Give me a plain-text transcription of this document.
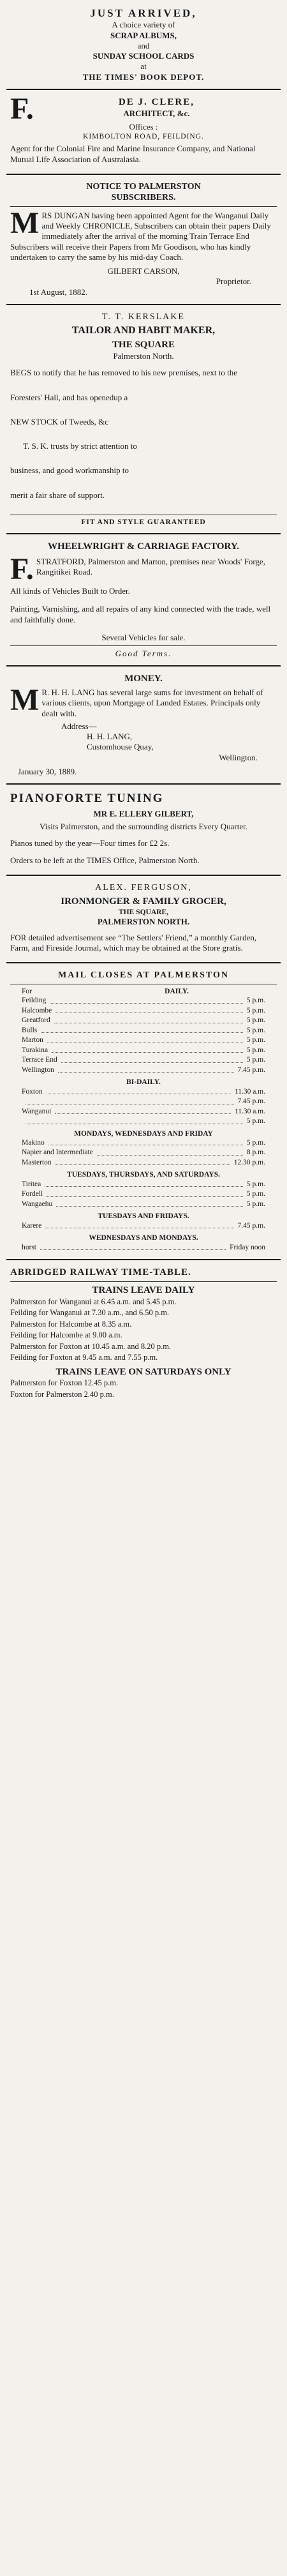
JUST ARRIVED,
A choice variety of
SCRAP ALBUMS,
and
SUNDAY SCHOOL CARDS
at
THE TIMES' BOOK DEPOT.
F.	DE J. CLERE,
ARCHITECT, &c.
Offices :
KIMBOLTON ROAD, FEILDING.

Agent for the Colonial Fire and Marine Insurance Company, and National Mutual Life Association of Australasia.

NOTICE TO PALMERSTON
SUBSCRIBERS.

M RS DUNGAN having been appointed Agent for the Wanganui Daily and Weekly CHRONICLE, Subscribers can obtain their papers Daily immediately after the arrival of the morning Train Terrace End Subscribers will receive their Papers from Mr Goodison, who has kindly undertaken to carry the same by his mid-day Coach.

GILBERT CARSON,
Proprietor.
1st August, 1882.
T. T. KERSLAKE
TAILOR AND HABIT MAKER,
THE SQUARE
Palmerston North.

BEGS to notify that he has removed to his new premises, next to the

Foresters' Hall, and has openedup a

NEW STOCK of Tweeds, &c

T. S. K. trusts by strict attention to

business, and good workmanship to

merit a fair share of support.

FIT AND STYLE GUARANTEED
WHEELWRIGHT & CARRIAGE FACTORY.

F. STRATFORD, Palmerston and Marton, premises near Woods' Forge, Rangitikei Road.

All kinds of Vehicles Built to Order.

Painting, Varnishing, and all repairs of any kind connected with the trade, well and faithfully done.

Several Vehicles for sale.

Good Terms.
MONEY.

M R. H. H. LANG has several large sums for investment on behalf of various clients, upon Mortgage of Landed Estates. Principals only dealt with.

Address—
H. H. LANG,
Customhouse Quay,
Wellington.
January 30, 1889.
PIANOFORTE TUNING
MR E. ELLERY GILBERT,

Visits Palmerston, and the surrounding districts Every Quarter.

Pianos tuned by the year—Four times for £2 2s.

Orders to be left at the TIMES Office, Palmerston North.

ALEX. FERGUSON,
IRONMONGER & FAMILY GROCER,
THE SQUARE,
PALMERSTON NORTH.

FOR detailed advertisement see “The Settlers' Friend,” a monthly Garden, Farm, and Fireside Journal, which may be obtained at the Store gratis.

MAIL CLOSES AT PALMERSTON
For	DAILY.
Feilding	5 p.m.
Halcombe	5 p.m.
Greatford	5 p.m.
Bulls	5 p.m.
Marton	5 p.m.
Turakina	5 p.m.
Terrace End	5 p.m.
Wellington	7.45 p.m.
BI-DAILY.
Foxton	11.30 a.m.
7.45 p.m.
Wanganui	11.30 a.m.
5 p.m.
MONDAYS, WEDNESDAYS AND FRIDAY
Makino	5 p.m.
Napier and Intermediate	8 p.m.
Masterton	12.30 p.m.
TUESDAYS, THURSDAYS, AND SATURDAYS.
Tiritea	5 p.m.
Fordell	5 p.m.
Wangaehu	5 p.m.
TUESDAYS AND FRIDAYS.
Karere	7.45 p.m.
WEDNESDAYS AND MONDAYS.
hurst	Friday noon
ABRIDGED RAILWAY TIME-TABLE.
TRAINS LEAVE DAILY
Palmerston for Wanganui at 6.45 a.m. and 5.45 p.m.
Feilding for Wanganui at 7.30 a.m., and 6.50 p.m.
Palmerston for Halcombe at 8.35 a.m.
Feilding for Halcombe at 9.00 a.m.
Palmerston for Foxton at 10.45 a.m. and 8.20 p.m.
Feilding for Foxton at 9.45 a.m. and 7.55 p.m.
TRAINS LEAVE ON SATURDAYS ONLY
Palmerston for Foxton 12.45 p.m.
Foxton for Palmerston 2.40 p.m.
